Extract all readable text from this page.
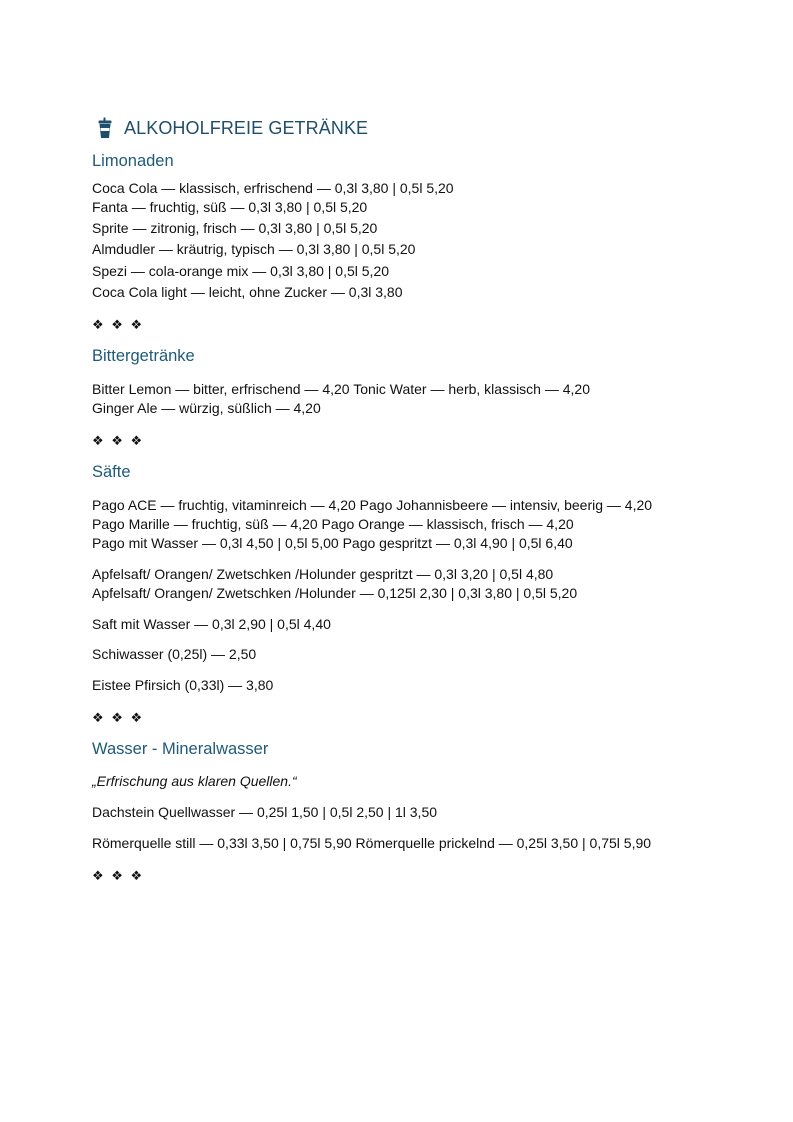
ALKOHOLFREIE GETRÄNKE
Limonaden
Coca Cola — klassisch, erfrischend — 0,3l 3,80 | 0,5l 5,20
Fanta — fruchtig, süß — 0,3l 3,80 | 0,5l 5,20
Sprite — zitronig, frisch — 0,3l 3,80 | 0,5l 5,20
Almdudler — kräutrig, typisch — 0,3l 3,80 | 0,5l 5,20
Spezi — cola-orange mix — 0,3l 3,80 | 0,5l 5,20
Coca Cola light — leicht, ohne Zucker — 0,3l 3,80
❖ ❖ ❖
Bittergetränke
Bitter Lemon — bitter, erfrischend — 4,20 Tonic Water — herb, klassisch — 4,20
Ginger Ale — würzig, süßlich — 4,20
❖ ❖ ❖
Säfte
Pago ACE — fruchtig, vitaminreich — 4,20 Pago Johannisbeere — intensiv, beerig — 4,20
Pago Marille — fruchtig, süß — 4,20 Pago Orange — klassisch, frisch — 4,20
Pago mit Wasser — 0,3l 4,50 | 0,5l 5,00 Pago gespritzt — 0,3l 4,90 | 0,5l 6,40
Apfelsaft/ Orangen/ Zwetschken /Holunder gespritzt — 0,3l 3,20 | 0,5l 4,80
Apfelsaft/ Orangen/ Zwetschken /Holunder — 0,125l 2,30 | 0,3l 3,80 | 0,5l 5,20
Saft mit Wasser — 0,3l 2,90 | 0,5l 4,40
Schiwasser (0,25l) — 2,50
Eistee Pfirsich (0,33l) — 3,80
❖ ❖ ❖
Wasser - Mineralwasser
„Erfrischung aus klaren Quellen.“
Dachstein Quellwasser — 0,25l 1,50 | 0,5l 2,50 | 1l 3,50
Römerquelle still — 0,33l 3,50 | 0,75l 5,90 Römerquelle prickelnd — 0,25l 3,50 | 0,75l 5,90
❖ ❖ ❖
